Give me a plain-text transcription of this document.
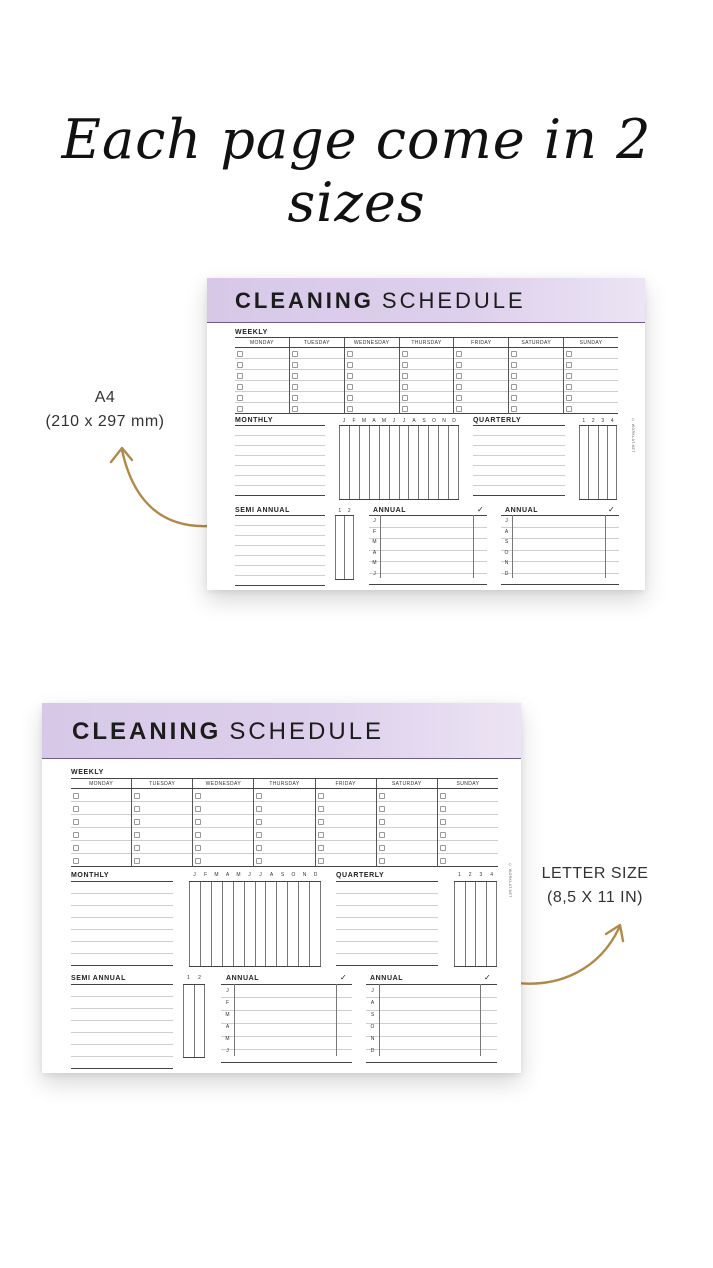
Each page come in 2 sizes
A4
(210 x 297 mm)
LETTER SIZE
(8,5 X 11 IN)
CLEANING SCHEDULE
WEEKLY
MONDAY	TUESDAY	WEDNESDAY	THURSDAY	FRIDAY	SATURDAY	SUNDAY
MONTHLY	J	F	M	A	M	J	J	A	S	O	N	D	QUARTERLY	1	2	3	4	© WORKLAT.NET
SEMI ANNUAL	1	2	ANNUAL	✓
J
F
M
A
M
J
ANNUAL	✓
J
A
S
O
N
D
CLEANING SCHEDULE
WEEKLY
MONDAY	TUESDAY	WEDNESDAY	THURSDAY	FRIDAY	SATURDAY	SUNDAY
MONTHLY	J	F	M	A	M	J	J	A	S	O	N	D	QUARTERLY	1	2	3	4	© WORKLAT.NET
SEMI ANNUAL	1	2	ANNUAL	✓
J
F
M
A
M
J
ANNUAL	✓
J
A
S
O
N
D
